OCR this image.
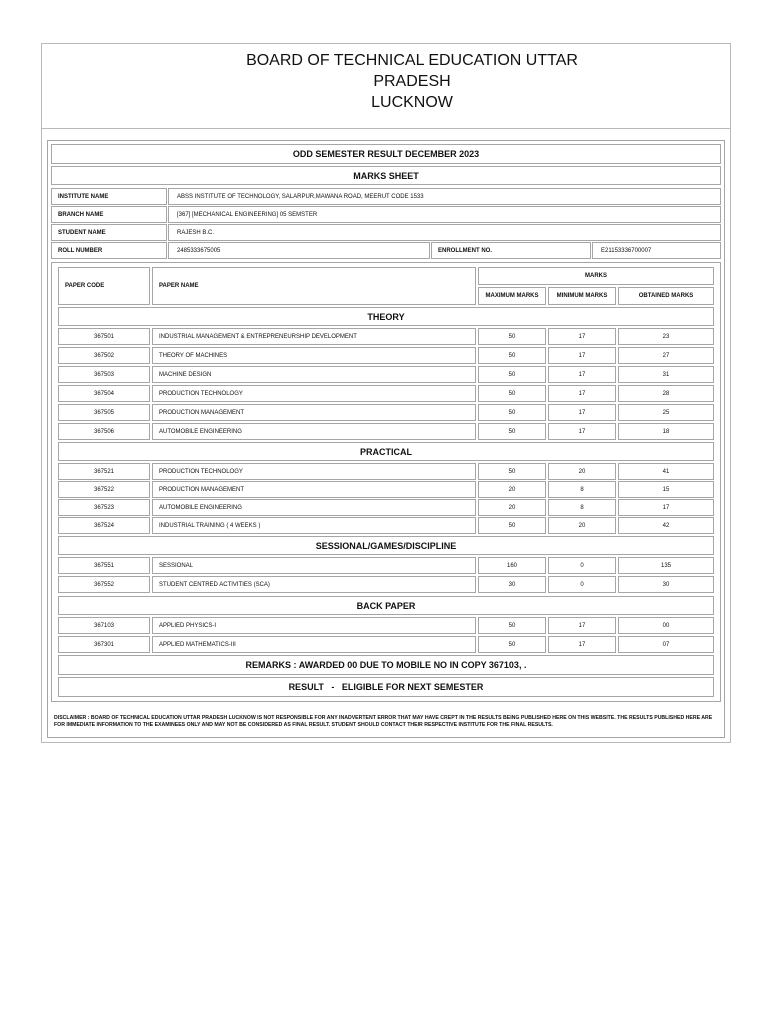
BOARD OF TECHNICAL EDUCATION UTTAR PRADESH
LUCKNOW
ODD SEMESTER RESULT DECEMBER 2023
MARKS SHEET
INSTITUTE NAME	ABSS INSTITUTE OF TECHNOLOGY, SALARPUR,MAWANA ROAD, MEERUT CODE 1533
BRANCH NAME	[367] [MECHANICAL ENGINEERING] 05 SEMSTER
STUDENT NAME	RAJESH B.C.
ROLL NUMBER	2485333675005	ENROLLMENT NO.	E21153336700007
PAPER CODE	PAPER NAME
MARKS
MAXIMUM MARKS	MINIMUM MARKS	OBTAINED MARKS
THEORY
367501	INDUSTRIAL MANAGEMENT & ENTREPRENEURSHIP DEVELOPMENT	50	17	23
367502	THEORY OF MACHINES	50	17	27
367503	MACHINE DESIGN	50	17	31
367504	PRODUCTION TECHNOLOGY	50	17	28
367505	PRODUCTION MANAGEMENT	50	17	25
367506	AUTOMOBILE ENGINEERING	50	17	18
PRACTICAL
367521	PRODUCTION TECHNOLOGY	50	20	41
367522	PRODUCTION MANAGEMENT	20	8	15
367523	AUTOMOBILE ENGINEERING	20	8	17
367524	INDUSTRIAL TRAINING ( 4 WEEKS )	50	20	42
SESSIONAL/GAMES/DISCIPLINE
367551	SESSIONAL	160	0	135
367552	STUDENT CENTRED ACTIVITIES (SCA)	30	0	30
BACK PAPER
367103	APPLIED PHYSICS-I	50	17	00
367301	APPLIED MATHEMATICS-III	50	17	07
REMARKS : AWARDED 00 DUE TO MOBILE NO IN COPY 367103, .
RESULT   -   ELIGIBLE FOR NEXT SEMESTER
DISCLAIMER : BOARD OF TECHNICAL EDUCATION UTTAR PRADESH LUCKNOW IS NOT RESPONSIBLE FOR ANY INADVERTENT ERROR THAT MAY HAVE CREPT IN THE RESULTS BEING PUBLISHED HERE ON THIS WEBSITE. THE RESULTS PUBLISHED HERE ARE FOR IMMEDIATE INFORMATION TO THE EXAMINEES ONLY AND MAY NOT BE CONSIDERED AS FINAL RESULT. STUDENT SHOULD CONTACT THEIR RESPECTIVE INSTITUTE FOR THE FINAL RESULTS.
